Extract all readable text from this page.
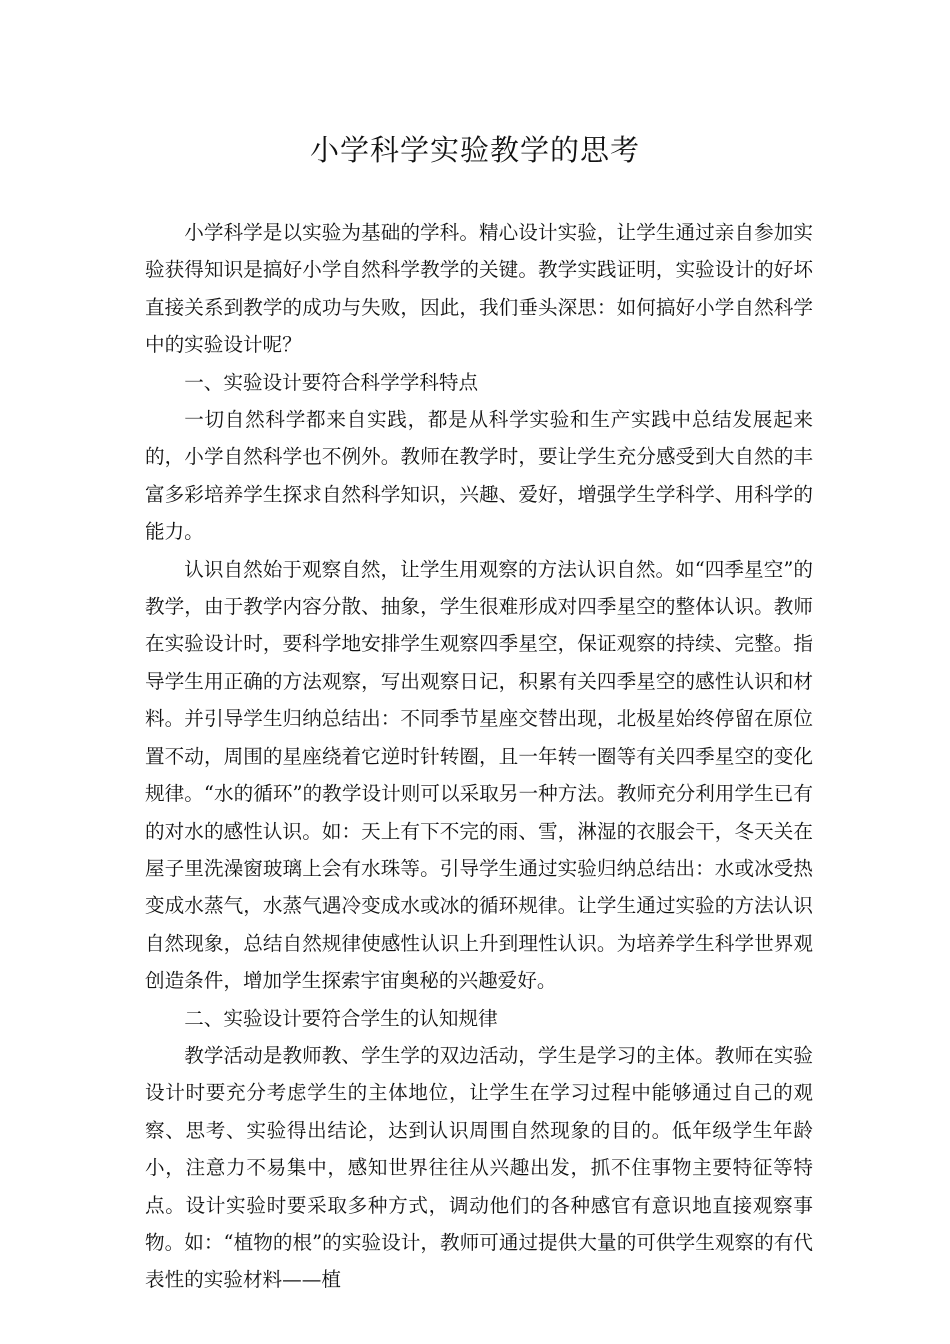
小学科学实验教学的思考

小学科学是以实验为基础的学科。精心设计实验，让学生通过亲自参加实验获得知识是搞好小学自然科学教学的关键。教学实践证明，实验设计的好坏直接关系到教学的成功与失败，因此，我们垂头深思：如何搞好小学自然科学中的实验设计呢？

一、实验设计要符合科学学科特点

一切自然科学都来自实践，都是从科学实验和生产实践中总结发展起来的，小学自然科学也不例外。教师在教学时，要让学生充分感受到大自然的丰富多彩培养学生探求自然科学知识，兴趣、爱好，增强学生学科学、用科学的能力。

认识自然始于观察自然，让学生用观察的方法认识自然。如“四季星空”的教学，由于教学内容分散、抽象，学生很难形成对四季星空的整体认识。教师在实验设计时，要科学地安排学生观察四季星空，保证观察的持续、完整。指导学生用正确的方法观察，写出观察日记，积累有关四季星空的感性认识和材料。并引导学生归纳总结出：不同季节星座交替出现，北极星始终停留在原位置不动，周围的星座绕着它逆时针转圈，且一年转一圈等有关四季星空的变化规律。“水的循环”的教学设计则可以采取另一种方法。教师充分利用学生已有的对水的感性认识。如：天上有下不完的雨、雪，淋湿的衣服会干，冬天关在屋子里洗澡窗玻璃上会有水珠等。引导学生通过实验归纳总结出：水或冰受热变成水蒸气，水蒸气遇冷变成水或冰的循环规律。让学生通过实验的方法认识自然现象，总结自然规律使感性认识上升到理性认识。为培养学生科学世界观创造条件，增加学生探索宇宙奥秘的兴趣爱好。

二、实验设计要符合学生的认知规律

教学活动是教师教、学生学的双边活动，学生是学习的主体。教师在实验设计时要充分考虑学生的主体地位，让学生在学习过程中能够通过自己的观察、思考、实验得出结论，达到认识周围自然现象的目的。低年级学生年龄小，注意力不易集中，感知世界往往从兴趣出发，抓不住事物主要特征等特点。设计实验时要采取多种方式，调动他们的各种感官有意识地直接观察事物。如：“植物的根”的实验设计，教师可通过提供大量的可供学生观察的有代表性的实验材料——植
